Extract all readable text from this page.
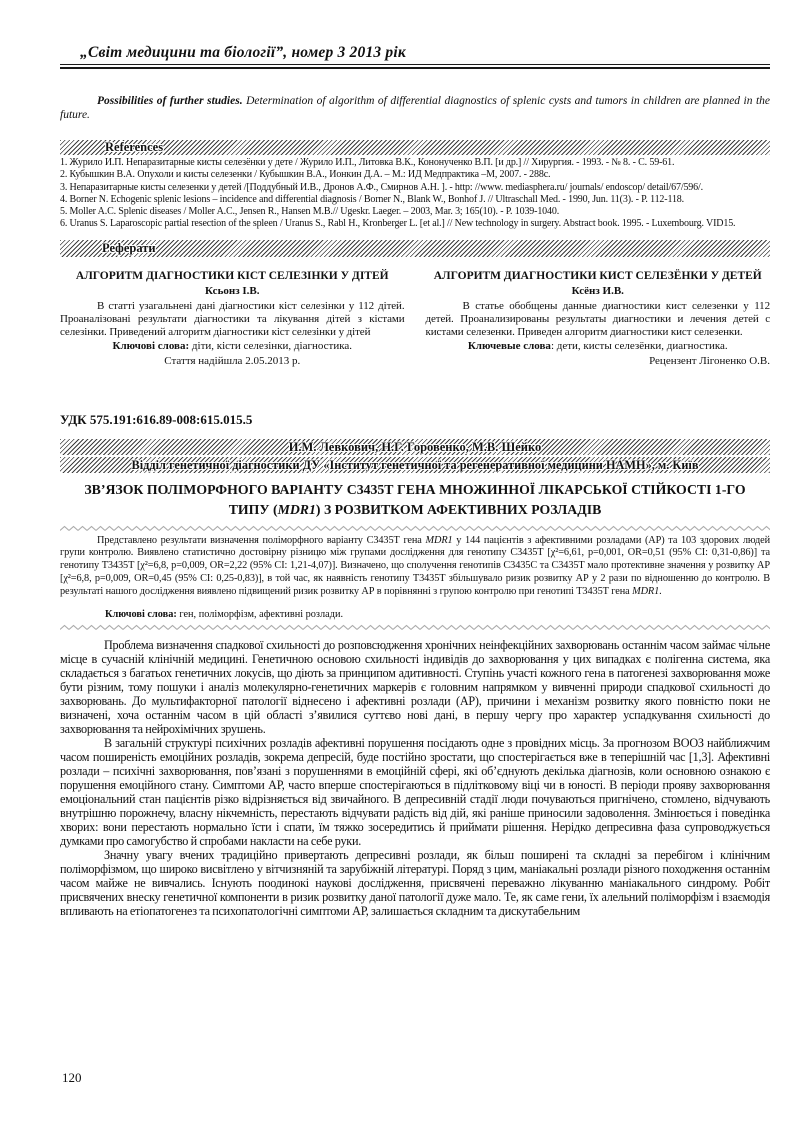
„Світ медицини та біології”, номер 3 2013 рік

Possibilities of further studies. Determination of algorithm of differential diagnostics of splenic cysts and tumors in children are planned in the future.

References

1. Журило И.П. Непаразитарные кисты селезёнки у дете / Журило И.П., Литовка В.К., Кононученко В.П. [и др.] // Хирургия. - 1993. - № 8. - С. 59-61.

2. Кубышкин В.А. Опухоли и кисты селезенки / Кубышкин В.А., Ионкин Д.А. – М.: ИД Медпрактика –М, 2007. - 288с.

3. Непаразитарные кисты селезенки у детей /[Поддубный И.В., Дронов А.Ф., Смирнов А.Н. ]. - http: //www. mediasphera.ru/ journals/ endoscop/ detail/67/596/.

4. Borner N. Echogenic splenic lesions – incidence and differential diagnosis / Borner N., Blank W., Bonhof J. // Ultraschall Med. - 1990, Jun. 11(3). - P. 112-118.

5. Moller A.C. Splenic diseases / Moller A.C., Jensen R., Hansen M.B.// Ugeskr. Laeger. – 2003, Mar. 3; 165(10). - P. 1039-1040.

6. Uranus S. Laparoscopic partial resection of the spleen / Uranus S., Rabl H., Kronberger L. [et al.] // New technology in surgery. Abstract book. 1995. - Luxembourg. VID15.

Реферати
АЛГОРИТМ ДІАГНОСТИКИ КІСТ СЕЛЕЗІНКИ У ДІТЕЙ
Ксьонз І.В.
В статті узагальнені дані діагностики кіст селезінки у 112 дітей. Проаналізовані результати діагностики та лікування дітей з кістами селезінки. Приведений алгоритм діагностики кіст селезінки у дітей
Ключові слова: діти, кісти селезінки, діагностика.
Стаття надійшла 2.05.2013 р.
АЛГОРИТМ ДИАГНОСТИКИ КИСТ СЕЛЕЗЁНКИ У ДЕТЕЙ
Ксёнз И.В.
В статье обобщены данные диагностики кист селезенки у 112 детей. Проанализированы результаты диагностики и лечения детей с кистами селезенки. Приведен алгоритм диагностики кист селезенки.
Ключевые слова: дети, кисты селезёнки, диагностика.
Рецензент Лігоненко О.В.
УДК 575.191:616.89-008:615.015.5
И.М. Левкович, Н.Г. Горовенко, М.В. Шейко
Відділ генетичної діагностики ДУ «Інститут генетичної та регенеративної медицини НАМН», м. Київ
ЗВ’ЯЗОК ПОЛІМОРФНОГО ВАРІАНТУ С3435Т ГЕНА МНОЖИННОЇ ЛІКАРСЬКОЇ СТІЙКОСТІ 1-ГО ТИПУ (MDR1) З РОЗВИТКОМ АФЕКТИВНИХ РОЗЛАДІВ

Представлено результати визначення поліморфного варіанту С3435Т гена MDR1 у 144 пацієнтів з афективними розладами (АР) та 103 здорових людей групи контролю. Виявлено статистично достовірну різницю між групами дослідження для генотипу С3435Т [χ²=6,61, р=0,001, OR=0,51 (95% CI: 0,31-0,86)] та генотипу Т3435Т [χ²=6,8, р=0,009, OR=2,22 (95% CI: 1,21-4,07)]. Визначено, що сполучення генотипів С3435С та С3435Т мало протективне значення у розвитку АР [χ²=6,8, р=0,009, OR=0,45 (95% CI: 0,25-0,83)], в той час, як наявність генотипу Т3435Т збільшувало ризик розвитку АР у 2 рази по відношенню до контролю. В результаті нашого дослідження виявлено підвищений ризик розвитку АР в порівнянні з групою контролю при генотипі Т3435Т гена MDR1.

Ключові слова: ген, поліморфізм, афективні розлади.

Проблема визначення спадкової схильності до розповсюдження хронічних неінфекційних захворювань останнім часом займає чільне місце в сучасній клінічній медицині. Генетичною основою схильності індивідів до захворювання у цих випадках є полігенна система, яка складається з багатьох генетичних локусів, що діють за принципом адитивності. Ступінь участі кожного гена в патогенезі захворювання може бути різним, тому пошуки і аналіз молекулярно-генетичних маркерів є головним напрямком у вивченні природи спадкової схильності до захворювань. До мультифакторної патології віднесено і афективні розлади (АР), причини і механізм розвитку якого повністю поки не визначені, хоча останнім часом в цій області з’явилися суттєво нові дані, в першу чергу про характер успадкування схильності до захворювання та нейрохімічних зрушень.

В загальній структурі психічних розладів афективні порушення посідають одне з провідних місць. За прогнозом ВООЗ найближчим часом поширеність емоційних розладів, зокрема депресій, буде постійно зростати, що спостерігається вже в теперішній час [1,3]. Афективні розлади – психічні захворювання, пов’язані з порушеннями в емоційній сфері, які об’єднують декілька діагнозів, коли основною ознакою є порушення емоційного стану. Симптоми АР, часто вперше спостерігаються в підлітковому віці чи в юності. В періоди прояву захворювання емоціональний стан пацієнтів різко відрізняється від звичайного. В депресивній стадії люди почуваються пригнічено, стомлено, відчувають внутрішню порожнечу, власну нікчемність, перестають відчувати радість від дій, які раніше приносили задоволення. Змінюється і поведінка хворих: вони перестають нормально їсти і спати, їм тяжко зосередитись й приймати рішення. Нерідко депресивна фаза супроводжується думками про самогубство й спробами накласти на себе руки.

Значну увагу вчених традиційно привертають депресивні розлади, як більш поширені та складні за перебігом і клінічним поліморфізмом, що широко висвітлено у вітчизняній та зарубіжній літературі. Поряд з цим, маніакальні розлади різного походження останнім часом майже не вивчались. Існують поодинокі наукові дослідження, присвячені переважно лікуванню маніакального синдрому. Робіт присвячених внеску генетичної компоненти в ризик розвитку даної патології дуже мало. Те, як саме гени, їх алельний поліморфізм і взаємодія впливають на етіопатогенез та психопатологічні симптоми АР, залишається складним та дискутабельним

120
